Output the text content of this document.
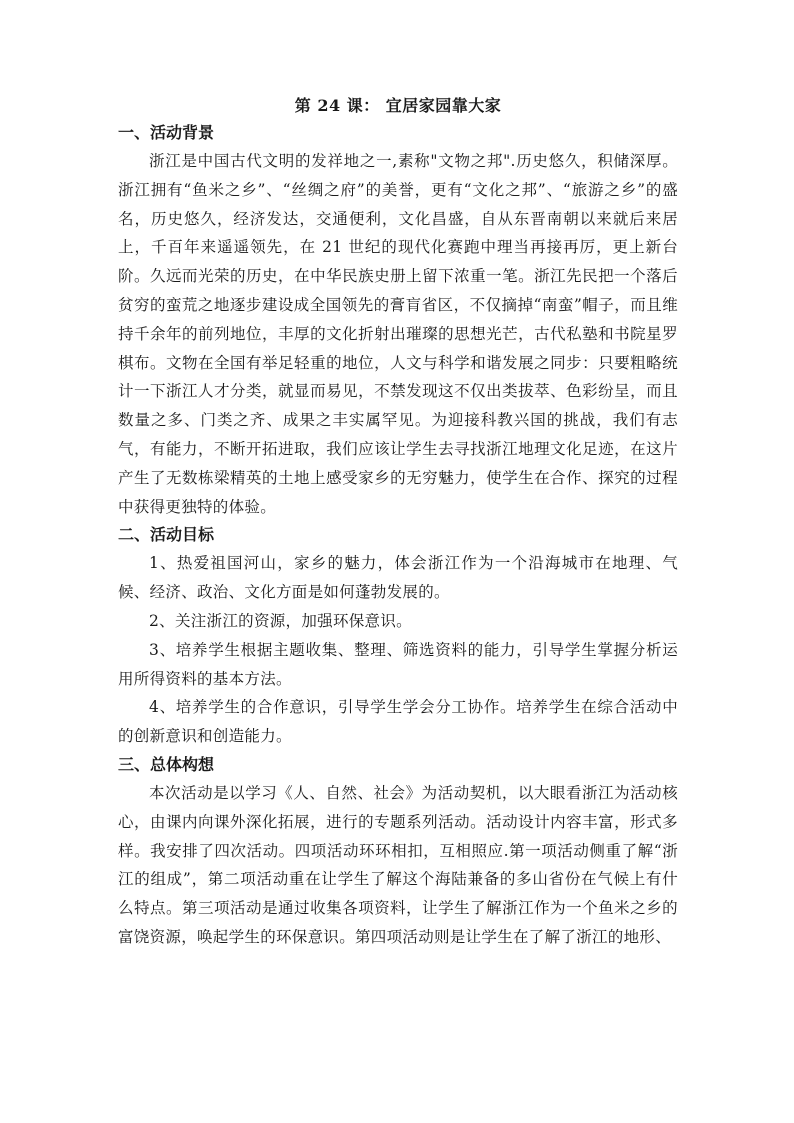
第 24 课： 宜居家园靠大家

一、活动背景

浙江是中国古代文明的发祥地之一,素称"文物之邦".历史悠久，积储深厚。浙江拥有“鱼米之乡”、“丝绸之府”的美誉，更有“文化之邦”、“旅游之乡”的盛名，历史悠久，经济发达，交通便利，文化昌盛，自从东晋南朝以来就后来居上，千百年来遥遥领先，在 21 世纪的现代化赛跑中理当再接再厉，更上新台阶。久远而光荣的历史，在中华民族史册上留下浓重一笔。浙江先民把一个落后贫穷的蛮荒之地逐步建设成全国领先的膏肓省区，不仅摘掉“南蛮”帽子，而且维持千余年的前列地位，丰厚的文化折射出璀璨的思想光芒，古代私塾和书院星罗棋布。文物在全国有举足轻重的地位，人文与科学和谐发展之同步：只要粗略统计一下浙江人才分类，就显而易见，不禁发现这不仅出类拔萃、色彩纷呈，而且数量之多、门类之齐、成果之丰实属罕见。为迎接科教兴国的挑战，我们有志气，有能力，不断开拓进取，我们应该让学生去寻找浙江地理文化足迹，在这片产生了无数栋梁精英的土地上感受家乡的无穷魅力，使学生在合作、探究的过程中获得更独特的体验。

二、活动目标

1、热爱祖国河山，家乡的魅力，体会浙江作为一个沿海城市在地理、气候、经济、政治、文化方面是如何蓬勃发展的。

2、关注浙江的资源，加强环保意识。

3、培养学生根据主题收集、整理、筛选资料的能力，引导学生掌握分析运用所得资料的基本方法。

4、培养学生的合作意识，引导学生学会分工协作。培养学生在综合活动中的创新意识和创造能力。

三、总体构想

本次活动是以学习《人、自然、社会》为活动契机，以大眼看浙江为活动核心，由课内向课外深化拓展，进行的专题系列活动。活动设计内容丰富，形式多样。我安排了四次活动。四项活动环环相扣，互相照应.第一项活动侧重了解“浙江的组成”，第二项活动重在让学生了解这个海陆兼备的多山省份在气候上有什么特点。第三项活动是通过收集各项资料，让学生了解浙江作为一个鱼米之乡的富饶资源，唤起学生的环保意识。第四项活动则是让学生在了解了浙江的地形、
